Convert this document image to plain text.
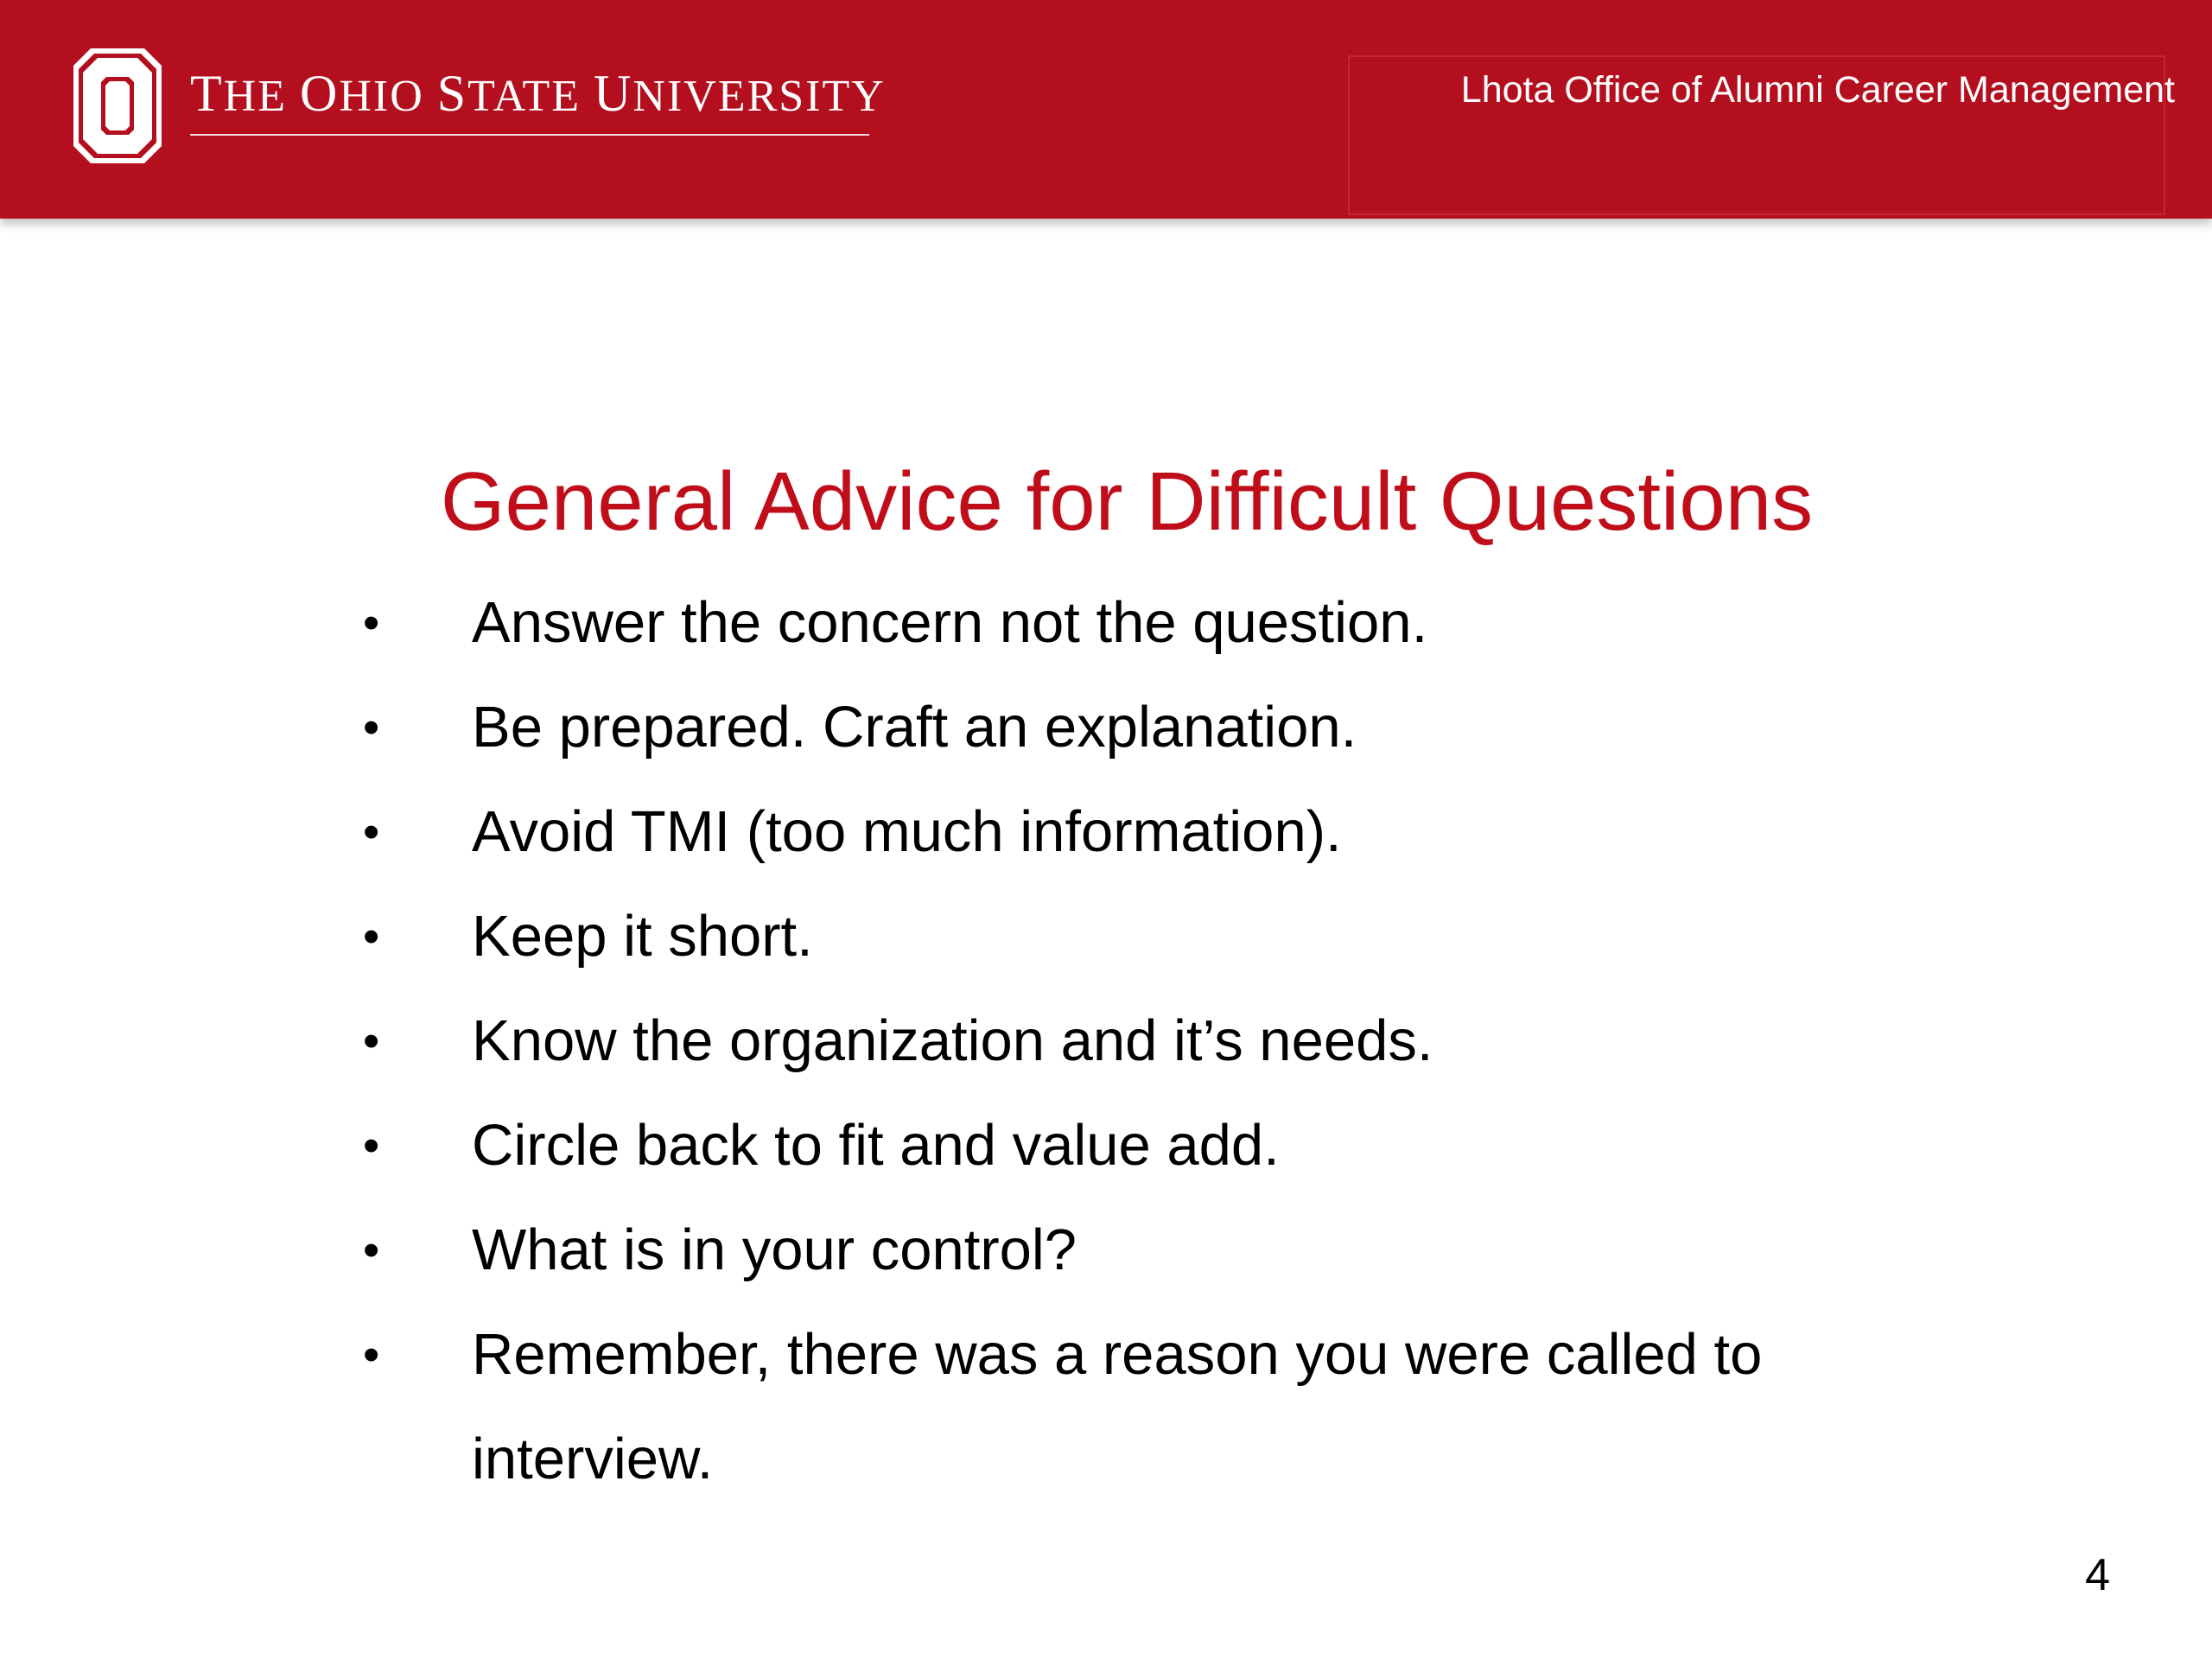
THE OHIO STATE UNIVERSITY	Lhota Office of Alumni Career Management
General Advice for Difficult Questions
• Answer the concern not the question.
• Be prepared. Craft an explanation.
• Avoid TMI (too much information).
• Keep it short.
• Know the organization and it’s needs.
• Circle back to fit and value add.
• What is in your control?
• Remember, there was a reason you were called to interview.
4
